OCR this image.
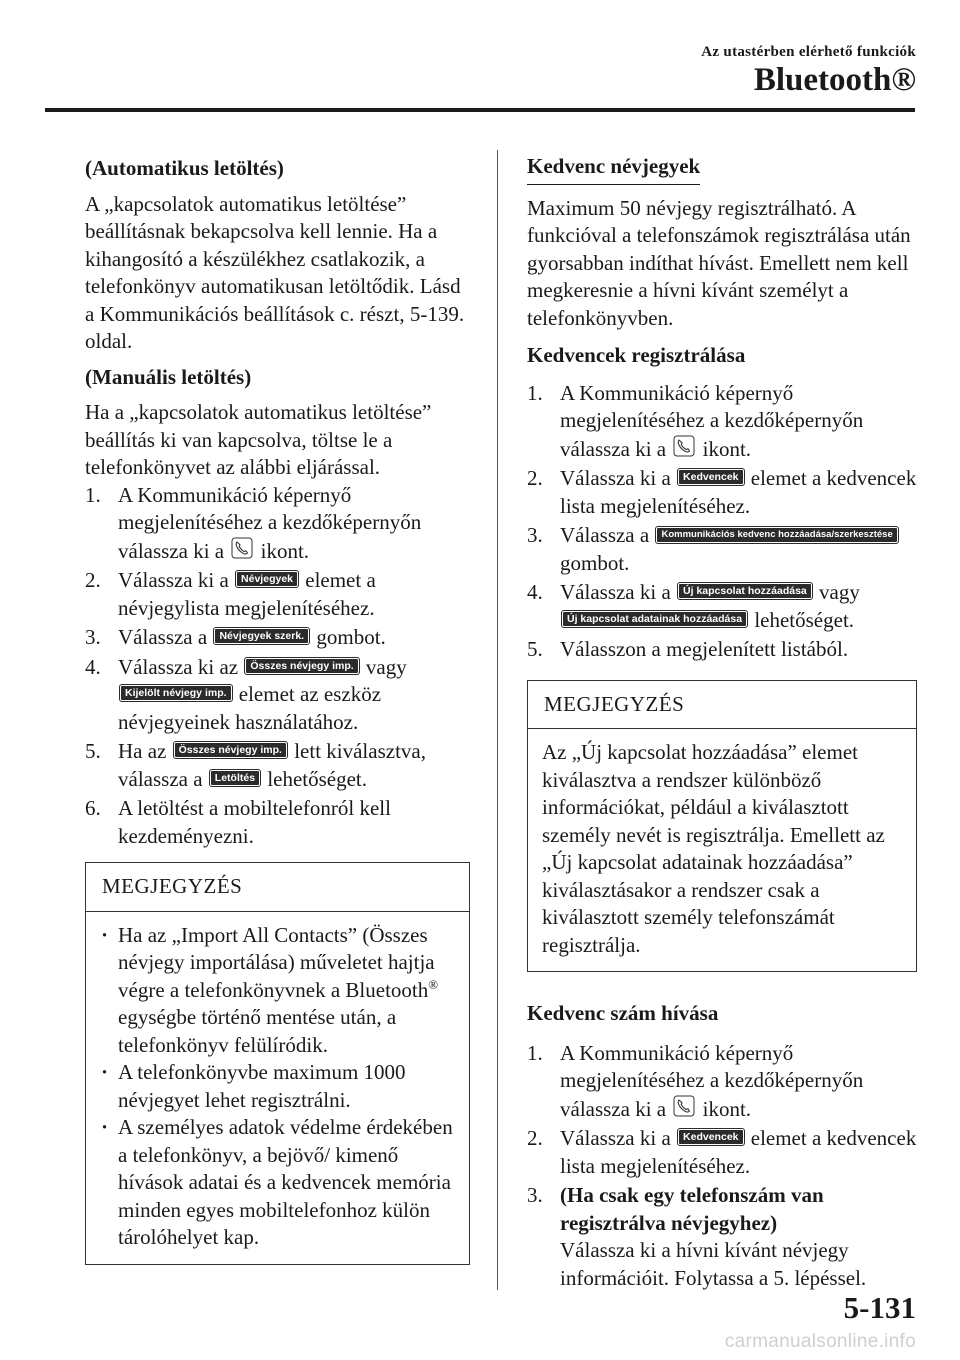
Az utastérben elérhető funkciók
Bluetooth®

(Automatikus letöltés)

A „kapcsolatok automatikus letöltése” beállításnak bekapcsolva kell lennie. Ha a kihangosító a készülékhez csatlakozik, a telefonkönyv automatikusan letöltődik. Lásd a Kommunikációs beállítások c. részt, 5-139. oldal.

(Manuális letöltés)

Ha a „kapcsolatok automatikus letöltése” beállítás ki van kapcsolva, töltse le a telefonkönyvet az alábbi eljárással.

1. A Kommunikáció képernyő megjelenítéséhez a kezdőképernyőn válassza ki a ikont.

2. Válassza ki a Névjegyek elemet a névjegylista megjelenítéséhez.

3. Válassza a Névjegyek szerk. gombot.

4. Válassza ki az Összes névjegy imp. vagy Kijelölt névjegy imp. elemet az eszköz névjegyeinek használatához.

5. Ha az Összes névjegy imp. lett kiválasztva, válassza a Letöltés lehetőséget.

6. A letöltést a mobiltelefonról kell kezdeményezni.

MEGJEGYZÉS

· Ha az „Import All Contacts” (Összes névjegy importálása) műveletet hajtja végre a telefonkönyvnek a Bluetooth® egységbe történő mentése után, a telefonkönyv felülíródik.

· A telefonkönyvbe maximum 1000 névjegyet lehet regisztrálni.

· A személyes adatok védelme érdekében a telefonkönyv, a bejövő/ kimenő hívások adatai és a kedvencek memória minden egyes mobiltelefonhoz külön tárolóhelyet kap.

Kedvenc névjegyek

Maximum 50 névjegy regisztrálható. A funkcióval a telefonszámok regisztrálása után gyorsabban indíthat hívást. Emellett nem kell megkeresnie a hívni kívánt személyt a telefonkönyvben.

Kedvencek regisztrálása

1. A Kommunikáció képernyő megjelenítéséhez a kezdőképernyőn válassza ki a ikont.

2. Válassza ki a Kedvencek elemet a kedvencek lista megjelenítéséhez.

3. Válassza a Kommunikációs kedvenc hozzáadása/szerkesztése gombot.

4. Válassza ki a Új kapcsolat hozzáadása vagy Új kapcsolat adatainak hozzáadása lehetőséget.

5. Válasszon a megjelenített listából.

MEGJEGYZÉS

Az „Új kapcsolat hozzáadása” elemet kiválasztva a rendszer különböző információkat, például a kiválasztott személy nevét is regisztrálja. Emellett az „Új kapcsolat adatainak hozzáadása” kiválasztásakor a rendszer csak a kiválasztott személy telefonszámát regisztrálja.

Kedvenc szám hívása

1. A Kommunikáció képernyő megjelenítéséhez a kezdőképernyőn válassza ki a ikont.

2. Válassza ki a Kedvencek elemet a kedvencek lista megjelenítéséhez.

3. (Ha csak egy telefonszám van regisztrálva névjegyhez)
Válassza ki a hívni kívánt névjegy információit. Folytassa a 5. lépéssel.

5-131
carmanualsonline.info
